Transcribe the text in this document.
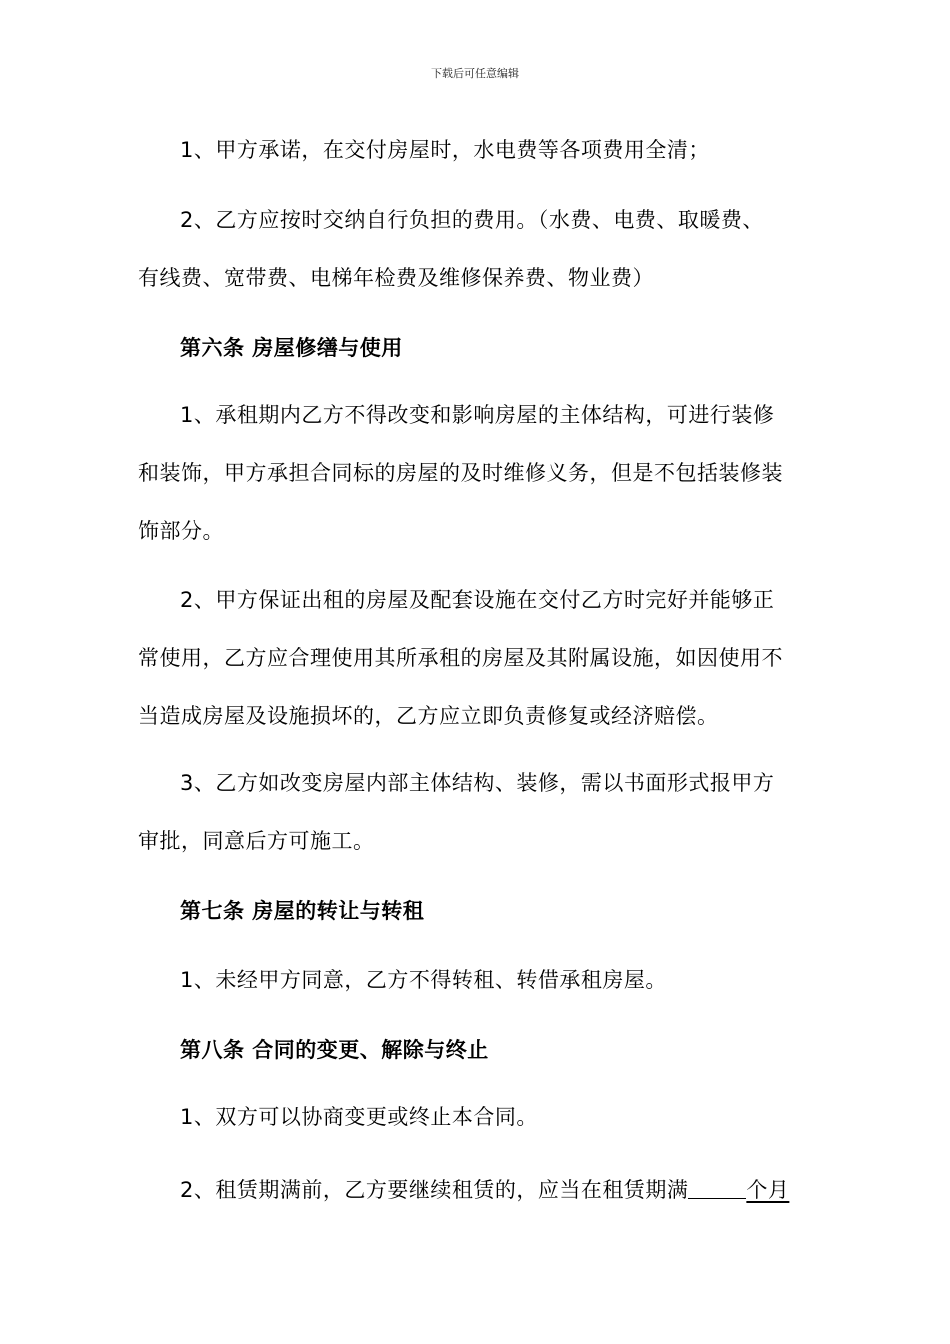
下载后可任意编辑

1、甲方承诺，在交付房屋时，水电费等各项费用全清；

2、乙方应按时交纳自行负担的费用。（水费、电费、取暖费、

有线费、宽带费、电梯年检费及维修保养费、物业费）

第六条 房屋修缮与使用

1、承租期内乙方不得改变和影响房屋的主体结构，可进行装修

和装饰，甲方承担合同标的房屋的及时维修义务，但是不包括装修装

饰部分。

2、甲方保证出租的房屋及配套设施在交付乙方时完好并能够正

常使用，乙方应合理使用其所承租的房屋及其附属设施，如因使用不

当造成房屋及设施损坏的，乙方应立即负责修复或经济赔偿。

3、乙方如改变房屋内部主体结构、装修，需以书面形式报甲方

审批，同意后方可施工。

第七条 房屋的转让与转租

1、未经甲方同意，乙方不得转租、转借承租房屋。

第八条 合同的变更、解除与终止

1、双方可以协商变更或终止本合同。

2、租赁期满前，乙方要继续租赁的，应当在租赁期满	个月
